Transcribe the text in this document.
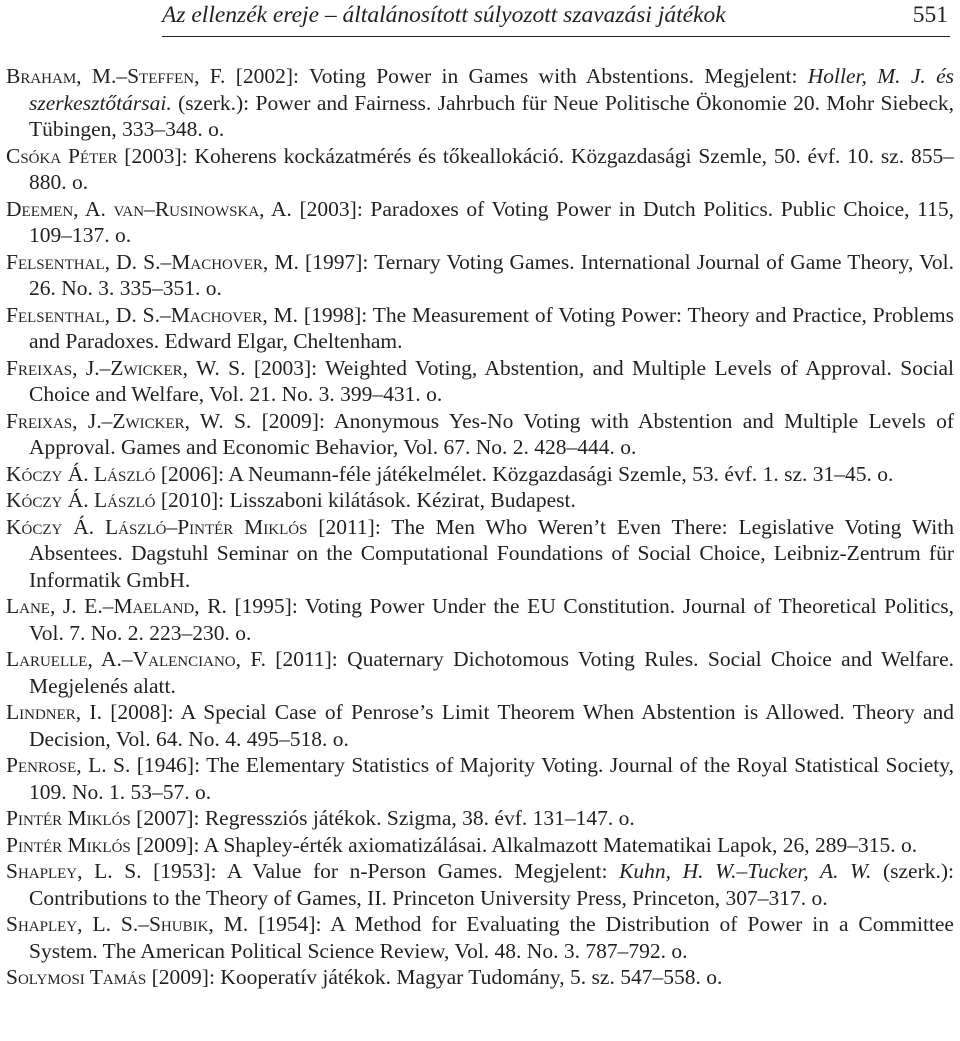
Az ellenzék ereje – általánosított súlyozott szavazási játékok	551

Braham, M.–Steffen, F. [2002]: Voting Power in Games with Abstentions. Megjelent: Holler, M. J. és szerkesztőtársai. (szerk.): Power and Fairness. Jahrbuch für Neue Politische Ökonomie 20. Mohr Siebeck, Tübingen, 333–348. o.

Csóka Péter [2003]: Koherens kockázatmérés és tőkeallokáció. Közgazdasági Szemle, 50. évf. 10. sz. 855–880. o.

Deemen, A. van–Rusinowska, A. [2003]: Paradoxes of Voting Power in Dutch Politics. Public Choice, 115, 109–137. o.

Felsenthal, D. S.–Machover, M. [1997]: Ternary Voting Games. International Journal of Game Theory, Vol. 26. No. 3. 335–351. o.

Felsenthal, D. S.–Machover, M. [1998]: The Measurement of Voting Power: Theory and Practice, Problems and Paradoxes. Edward Elgar, Cheltenham.

Freixas, J.–Zwicker, W. S. [2003]: Weighted Voting, Abstention, and Multiple Levels of Approval. Social Choice and Welfare, Vol. 21. No. 3. 399–431. o.

Freixas, J.–Zwicker, W. S. [2009]: Anonymous Yes-No Voting with Abstention and Multiple Levels of Approval. Games and Economic Behavior, Vol. 67. No. 2. 428–444. o.

Kóczy Á. László [2006]: A Neumann-féle játékelmélet. Közgazdasági Szemle, 53. évf. 1. sz. 31–45. o.

Kóczy Á. László [2010]: Lisszaboni kilátások. Kézirat, Budapest.

Kóczy Á. László–Pintér Miklós [2011]: The Men Who Weren’t Even There: Legislative Voting With Absentees. Dagstuhl Seminar on the Computational Foundations of Social Choice, Leibniz-Zentrum für Informatik GmbH.

Lane, J. E.–Maeland, R. [1995]: Voting Power Under the EU Constitution. Journal of Theoretical Politics, Vol. 7. No. 2. 223–230. o.

Laruelle, A.–Valenciano, F. [2011]: Quaternary Dichotomous Voting Rules. Social Choice and Welfare. Megjelenés alatt.

Lindner, I. [2008]: A Special Case of Penrose’s Limit Theorem When Abstention is Allowed. Theory and Decision, Vol. 64. No. 4. 495–518. o.

Penrose, L. S. [1946]: The Elementary Statistics of Majority Voting. Journal of the Royal Statistical Society, 109. No. 1. 53–57. o.

Pintér Miklós [2007]: Regressziós játékok. Szigma, 38. évf. 131–147. o.

Pintér Miklós [2009]: A Shapley-érték axiomatizálásai. Alkalmazott Matematikai Lapok, 26, 289–315. o.

Shapley, L. S. [1953]: A Value for n-Person Games. Megjelent: Kuhn, H. W.–Tucker, A. W. (szerk.): Contributions to the Theory of Games, II. Princeton University Press, Princeton, 307–317. o.

Shapley, L. S.–Shubik, M. [1954]: A Method for Evaluating the Distribution of Power in a Committee System. The American Political Science Review, Vol. 48. No. 3. 787–792. o.

Solymosi Tamás [2009]: Kooperatív játékok. Magyar Tudomány, 5. sz. 547–558. o.
